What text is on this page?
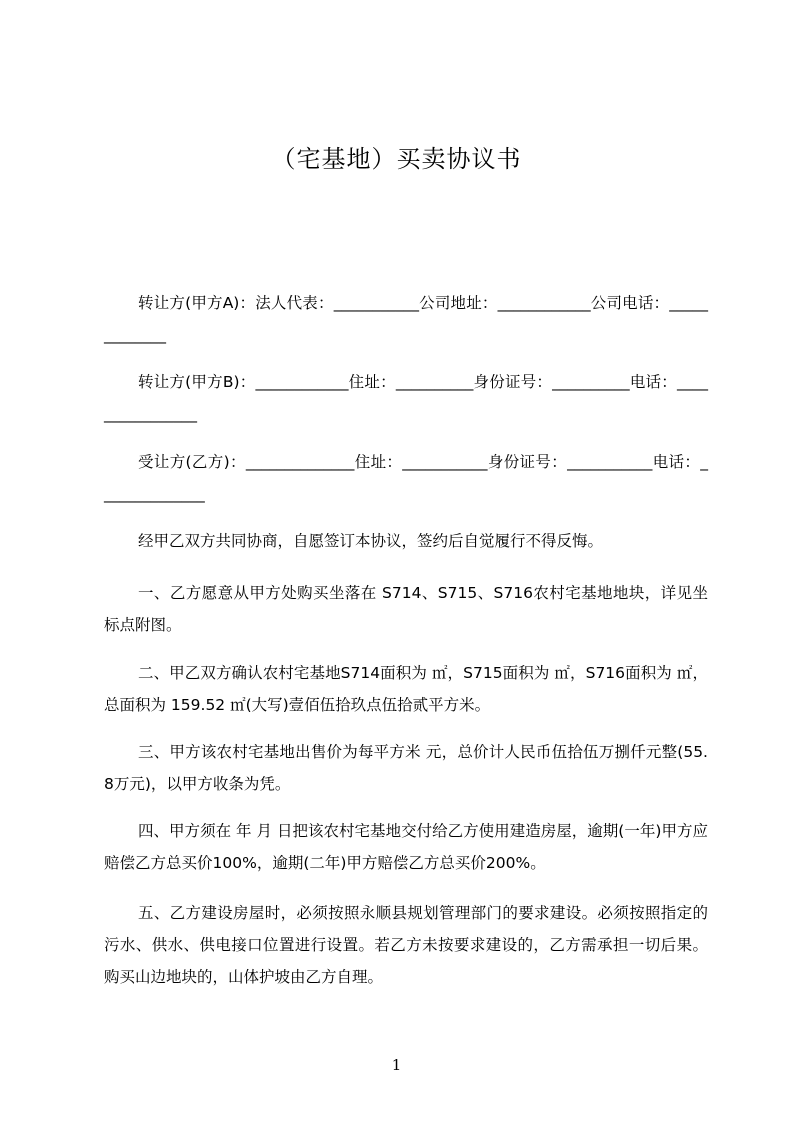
（宅基地）买卖协议书

转让方(甲方A)：法人代表：___________公司地址：____________公司电话：_____________

转让方(甲方B)：____________住址：__________身份证号：__________电话：________________

受让方(乙方)：______________住址：___________身份证号：___________电话：______________

经甲乙双方共同协商，自愿签订本协议，签约后自觉履行不得反悔。

一、乙方愿意从甲方处购买坐落在 S714、S715、S716农村宅基地地块，详见坐标点附图。

二、甲乙双方确认农村宅基地S714面积为 ㎡，S715面积为 ㎡，S716面积为 ㎡，总面积为 159.52 ㎡(大写)壹佰伍拾玖点伍拾贰平方米。

三、甲方该农村宅基地出售价为每平方米 元，总价计人民币伍拾伍万捌仟元整(55.8万元)，以甲方收条为凭。

四、甲方须在 年 月 日把该农村宅基地交付给乙方使用建造房屋，逾期(一年)甲方应赔偿乙方总买价100%，逾期(二年)甲方赔偿乙方总买价200%。

五、乙方建设房屋时，必须按照永顺县规划管理部门的要求建设。必须按照指定的污水、供水、供电接口位置进行设置。若乙方未按要求建设的，乙方需承担一切后果。购买山边地块的，山体护坡由乙方自理。

1
